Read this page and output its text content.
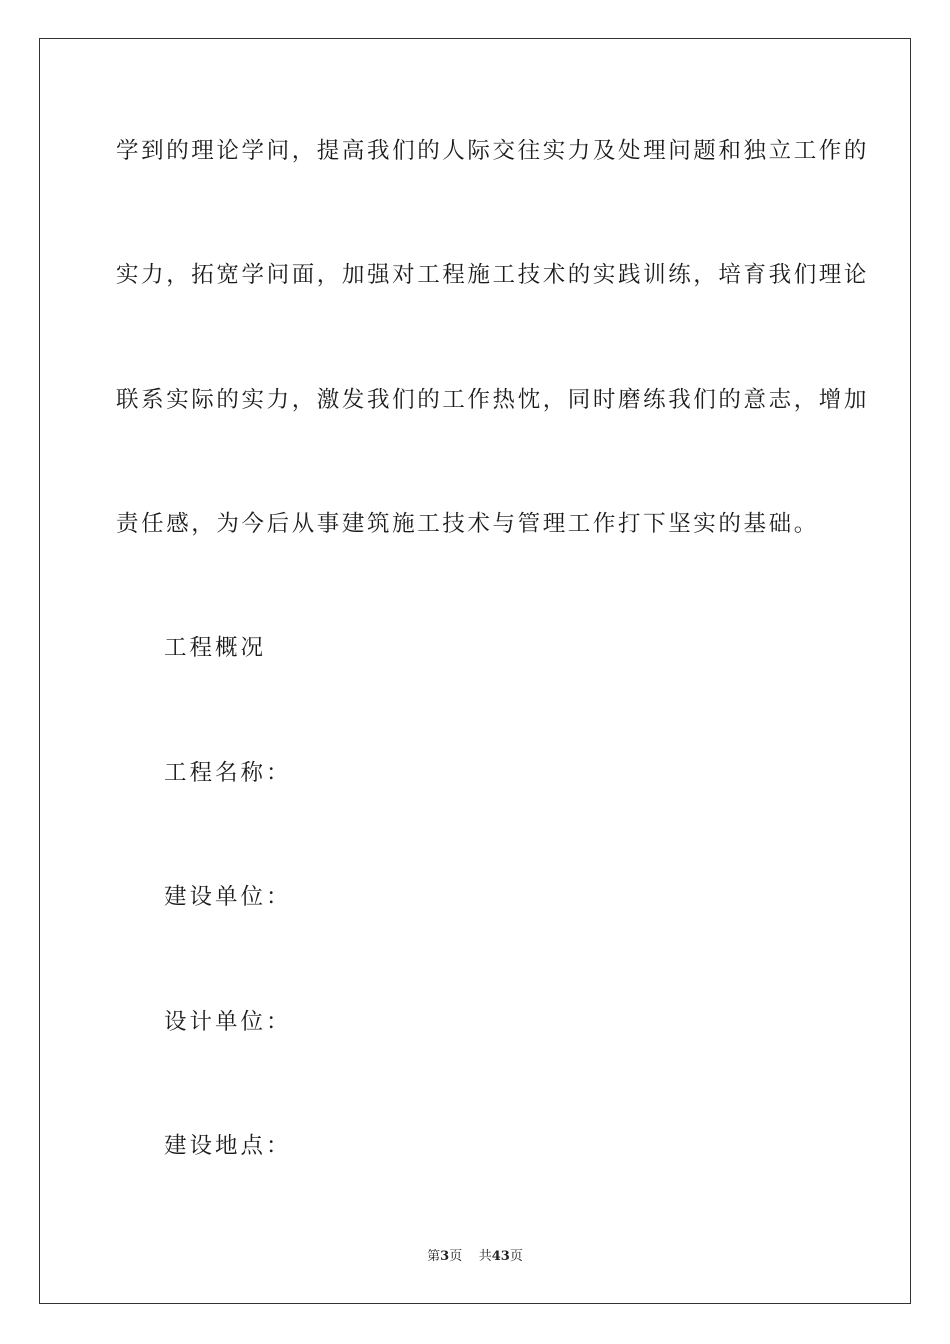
学到的理论学问，提高我们的人际交往实力及处理问题和独立工作的
实力，拓宽学问面，加强对工程施工技术的实践训练，培育我们理论
联系实际的实力，激发我们的工作热忱，同时磨练我们的意志，增加
责任感，为今后从事建筑施工技术与管理工作打下坚实的基础。
工程概况
工程名称：
建设单位：
设计单位：
建设地点：
第3页 共43页
